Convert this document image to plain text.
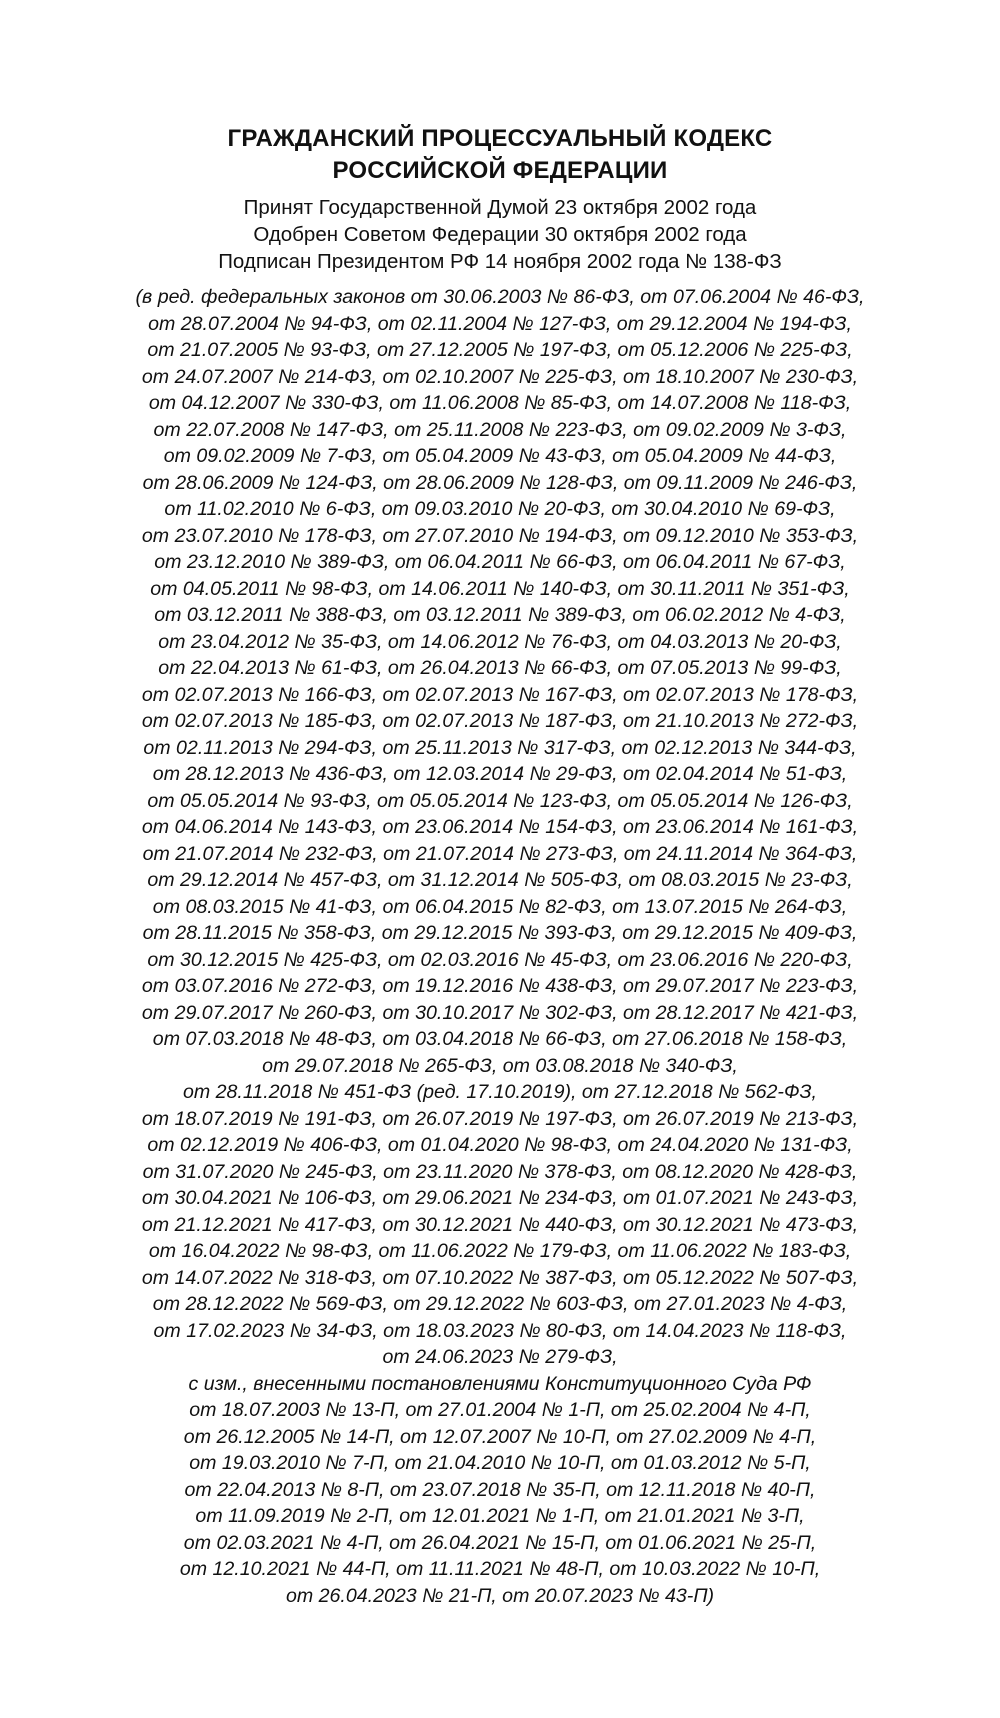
ГРАЖДАНСКИЙ ПРОЦЕССУАЛЬНЫЙ КОДЕКС
РОССИЙСКОЙ ФЕДЕРАЦИИ
Принят Государственной Думой 23 октября 2002 года
Одобрен Советом Федерации 30 октября 2002 года
Подписан Президентом РФ 14 ноября 2002 года № 138-ФЗ
(в ред. федеральных законов от 30.06.2003 № 86-ФЗ, от 07.06.2004 № 46-ФЗ,
от 28.07.2004 № 94-ФЗ, от 02.11.2004 № 127-ФЗ, от 29.12.2004 № 194-ФЗ,
от 21.07.2005 № 93-ФЗ, от 27.12.2005 № 197-ФЗ, от 05.12.2006 № 225-ФЗ,
от 24.07.2007 № 214-ФЗ, от 02.10.2007 № 225-ФЗ, от 18.10.2007 № 230-ФЗ,
от 04.12.2007 № 330-ФЗ, от 11.06.2008 № 85-ФЗ, от 14.07.2008 № 118-ФЗ,
от 22.07.2008 № 147-ФЗ, от 25.11.2008 № 223-ФЗ, от 09.02.2009 № 3-ФЗ,
от 09.02.2009 № 7-ФЗ, от 05.04.2009 № 43-ФЗ, от 05.04.2009 № 44-ФЗ,
от 28.06.2009 № 124-ФЗ, от 28.06.2009 № 128-ФЗ, от 09.11.2009 № 246-ФЗ,
от 11.02.2010 № 6-ФЗ, от 09.03.2010 № 20-ФЗ, от 30.04.2010 № 69-ФЗ,
от 23.07.2010 № 178-ФЗ, от 27.07.2010 № 194-ФЗ, от 09.12.2010 № 353-ФЗ,
от 23.12.2010 № 389-ФЗ, от 06.04.2011 № 66-ФЗ, от 06.04.2011 № 67-ФЗ,
от 04.05.2011 № 98-ФЗ, от 14.06.2011 № 140-ФЗ, от 30.11.2011 № 351-ФЗ,
от 03.12.2011 № 388-ФЗ, от 03.12.2011 № 389-ФЗ, от 06.02.2012 № 4-ФЗ,
от 23.04.2012 № 35-ФЗ, от 14.06.2012 № 76-ФЗ, от 04.03.2013 № 20-ФЗ,
от 22.04.2013 № 61-ФЗ, от 26.04.2013 № 66-ФЗ, от 07.05.2013 № 99-ФЗ,
от 02.07.2013 № 166-ФЗ, от 02.07.2013 № 167-ФЗ, от 02.07.2013 № 178-ФЗ,
от 02.07.2013 № 185-ФЗ, от 02.07.2013 № 187-ФЗ, от 21.10.2013 № 272-ФЗ,
от 02.11.2013 № 294-ФЗ, от 25.11.2013 № 317-ФЗ, от 02.12.2013 № 344-ФЗ,
от 28.12.2013 № 436-ФЗ, от 12.03.2014 № 29-ФЗ, от 02.04.2014 № 51-ФЗ,
от 05.05.2014 № 93-ФЗ, от 05.05.2014 № 123-ФЗ, от 05.05.2014 № 126-ФЗ,
от 04.06.2014 № 143-ФЗ, от 23.06.2014 № 154-ФЗ, от 23.06.2014 № 161-ФЗ,
от 21.07.2014 № 232-ФЗ, от 21.07.2014 № 273-ФЗ, от 24.11.2014 № 364-ФЗ,
от 29.12.2014 № 457-ФЗ, от 31.12.2014 № 505-ФЗ, от 08.03.2015 № 23-ФЗ,
от 08.03.2015 № 41-ФЗ, от 06.04.2015 № 82-ФЗ, от 13.07.2015 № 264-ФЗ,
от 28.11.2015 № 358-ФЗ, от 29.12.2015 № 393-ФЗ, от 29.12.2015 № 409-ФЗ,
от 30.12.2015 № 425-ФЗ, от 02.03.2016 № 45-ФЗ, от 23.06.2016 № 220-ФЗ,
от 03.07.2016 № 272-ФЗ, от 19.12.2016 № 438-ФЗ, от 29.07.2017 № 223-ФЗ,
от 29.07.2017 № 260-ФЗ, от 30.10.2017 № 302-ФЗ, от 28.12.2017 № 421-ФЗ,
от 07.03.2018 № 48-ФЗ, от 03.04.2018 № 66-ФЗ, от 27.06.2018 № 158-ФЗ,
от 29.07.2018 № 265-ФЗ, от 03.08.2018 № 340-ФЗ,
от 28.11.2018 № 451-ФЗ (ред. 17.10.2019), от 27.12.2018 № 562-ФЗ,
от 18.07.2019 № 191-ФЗ, от 26.07.2019 № 197-ФЗ, от 26.07.2019 № 213-ФЗ,
от 02.12.2019 № 406-ФЗ, от 01.04.2020 № 98-ФЗ, от 24.04.2020 № 131-ФЗ,
от 31.07.2020 № 245-ФЗ, от 23.11.2020 № 378-ФЗ, от 08.12.2020 № 428-ФЗ,
от 30.04.2021 № 106-ФЗ, от 29.06.2021 № 234-ФЗ, от 01.07.2021 № 243-ФЗ,
от 21.12.2021 № 417-ФЗ, от 30.12.2021 № 440-ФЗ, от 30.12.2021 № 473-ФЗ,
от 16.04.2022 № 98-ФЗ, от 11.06.2022 № 179-ФЗ, от 11.06.2022 № 183-ФЗ,
от 14.07.2022 № 318-ФЗ, от 07.10.2022 № 387-ФЗ, от 05.12.2022 № 507-ФЗ,
от 28.12.2022 № 569-ФЗ, от 29.12.2022 № 603-ФЗ, от 27.01.2023 № 4-ФЗ,
от 17.02.2023 № 34-ФЗ, от 18.03.2023 № 80-ФЗ, от 14.04.2023 № 118-ФЗ,
от 24.06.2023 № 279-ФЗ,
с изм., внесенными постановлениями Конституционного Суда РФ
от 18.07.2003 № 13-П, от 27.01.2004 № 1-П, от 25.02.2004 № 4-П,
от 26.12.2005 № 14-П, от 12.07.2007 № 10-П, от 27.02.2009 № 4-П,
от 19.03.2010 № 7-П, от 21.04.2010 № 10-П, от 01.03.2012 № 5-П,
от 22.04.2013 № 8-П, от 23.07.2018 № 35-П, от 12.11.2018 № 40-П,
от 11.09.2019 № 2-П, от 12.01.2021 № 1-П, от 21.01.2021 № 3-П,
от 02.03.2021 № 4-П, от 26.04.2021 № 15-П, от 01.06.2021 № 25-П,
от 12.10.2021 № 44-П, от 11.11.2021 № 48-П, от 10.03.2022 № 10-П,
от 26.04.2023 № 21-П, от 20.07.2023 № 43-П)
